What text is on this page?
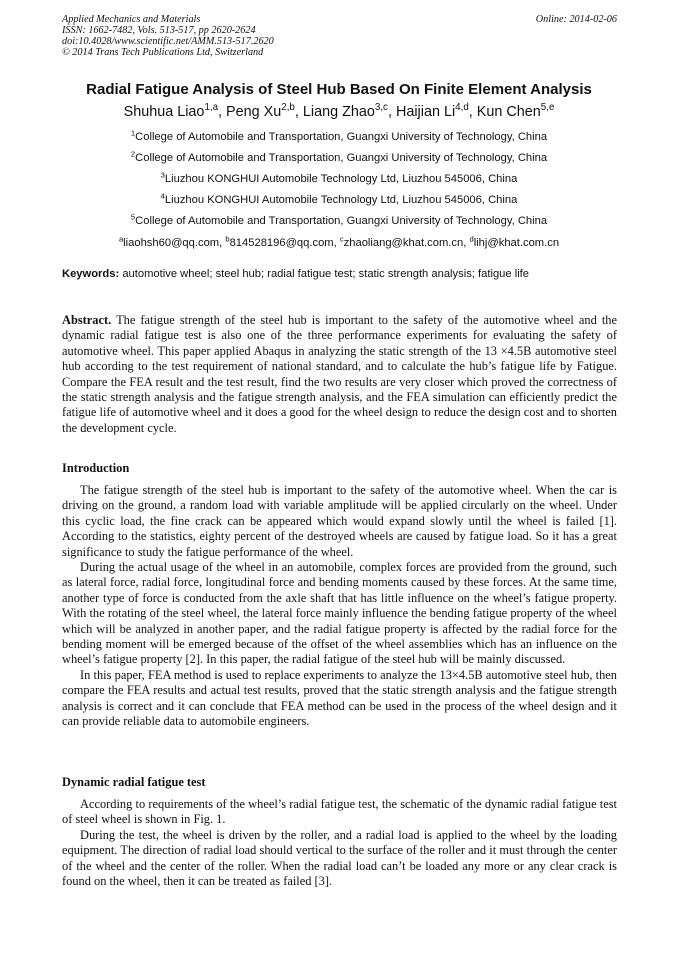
Applied Mechanics and Materials
ISSN: 1662-7482, Vols. 513-517, pp 2620-2624
doi:10.4028/www.scientific.net/AMM.513-517.2620
© 2014 Trans Tech Publications Ltd, Switzerland
Online: 2014-02-06
Radial Fatigue Analysis of Steel Hub Based On Finite Element Analysis
Shuhua Liao$^{1,a}$, Peng Xu$^{2,b}$, Liang Zhao$^{3,c}$, Haijian Li$^{4,d}$, Kun Chen$^{5,e}$
$^1$College of Automobile and Transportation, Guangxi University of Technology, China
$^2$College of Automobile and Transportation, Guangxi University of Technology, China
$^3$Liuzhou KONGHUI Automobile Technology Ltd, Liuzhou 545006, China
$^4$Liuzhou KONGHUI Automobile Technology Ltd, Liuzhou 545006, China
$^5$College of Automobile and Transportation, Guangxi University of Technology, China
$^a$liaohsh60@qq.com, $^b$814528196@qq.com, $^c$zhaoliang@khat.com.cn, $^d$lihj@khat.com.cn
Keywords: automotive wheel; steel hub; radial fatigue test; static strength analysis; fatigue life

Abstract. The fatigue strength of the steel hub is important to the safety of the automotive wheel and the dynamic radial fatigue test is also one of the three performance experiments for evaluating the safety of automotive wheel. This paper applied Abaqus in analyzing the static strength of the 13 ×4.5B automotive steel hub according to the test requirement of national standard, and to calculate the hub’s fatigue life by Fatigue. Compare the FEA result and the test result, find the two results are very closer which proved the correctness of the static strength analysis and the fatigue strength analysis, and the FEA simulation can efficiently predict the fatigue life of automotive wheel and it does a good for the wheel design to reduce the design cost and to shorten the development cycle.

Introduction

The fatigue strength of the steel hub is important to the safety of the automotive wheel. When the car is driving on the ground, a random load with variable amplitude will be applied circularly on the wheel. Under this cyclic load, the fine crack can be appeared which would expand slowly until the wheel is failed [1]. According to the statistics, eighty percent of the destroyed wheels are caused by fatigue load. So it has a great significance to study the fatigue performance of the wheel.

During the actual usage of the wheel in an automobile, complex forces are provided from the ground, such as lateral force, radial force, longitudinal force and bending moments caused by these forces. At the same time, another type of force is conducted from the axle shaft that has little influence on the wheel’s fatigue property. With the rotating of the steel wheel, the lateral force mainly influence the bending fatigue property of the wheel which will be analyzed in another paper, and the radial fatigue property is affected by the radial force for the bending moment will be emerged because of the offset of the wheel assemblies which has an influence on the wheel’s fatigue property [2]. In this paper, the radial fatigue of the steel hub will be mainly discussed.

In this paper, FEA method is used to replace experiments to analyze the 13×4.5B automotive steel hub, then compare the FEA results and actual test results, proved that the static strength analysis and the fatigue strength analysis is correct and it can conclude that FEA method can be used in the process of the wheel design and it can provide reliable data to automobile engineers.

Dynamic radial fatigue test

According to requirements of the wheel’s radial fatigue test, the schematic of the dynamic radial fatigue test of steel wheel is shown in Fig. 1.

During the test, the wheel is driven by the roller, and a radial load is applied to the wheel by the loading equipment. The direction of radial load should vertical to the surface of the roller and it must through the center of the wheel and the center of the roller. When the radial load can’t be loaded any more or any clear crack is found on the wheel, then it can be treated as failed [3].
